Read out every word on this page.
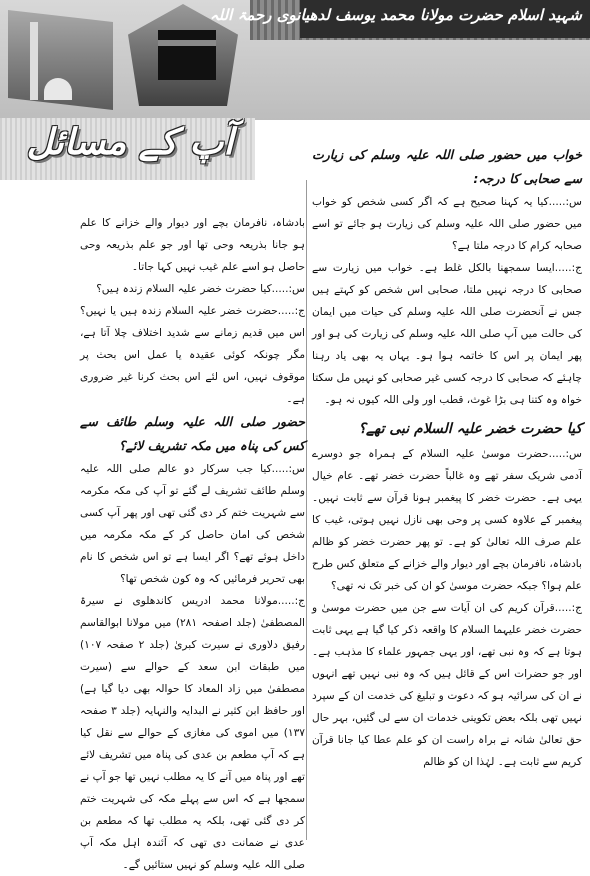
شہید اسلام حضرت مولانا محمد یوسف لدھیانوی رحمۃ اللہ
آپ کے مسائل	خواب میں حضور صلی اللہ علیہ وسلم کی زیارت سے صحابی کا درجہ:

س:.....کیا یہ کہنا صحیح ہے کہ اگر کسی شخص کو خواب میں حضور صلی اللہ علیہ وسلم کی زیارت ہو جائے تو اسے صحابہ کرام کا درجہ ملتا ہے؟

ج:.....ایسا سمجھنا بالکل غلط ہے۔ خواب میں زیارت سے صحابی کا درجہ نہیں ملتا، صحابی اس شخص کو کہتے ہیں جس نے آنحضرت صلی اللہ علیہ وسلم کی حیات میں ایمان کی حالت میں آپ صلی اللہ علیہ وسلم کی زیارت کی ہو اور پھر ایمان پر اس کا خاتمہ ہوا ہو۔ یہاں یہ بھی یاد رہنا چاہئے کہ صحابی کا درجہ کسی غیر صحابی کو نہیں مل سکتا خواہ وہ کتنا ہی بڑا غوث، قطب اور ولی اللہ کیوں نہ ہو۔

کیا حضرت خضر علیہ السلام نبی تھے؟

س:.....حضرت موسیٰ علیہ السلام کے ہمراہ جو دوسرے آدمی شریک سفر تھے وہ غالباً حضرت خضر تھے۔ عام خیال یہی ہے۔ حضرت خضر کا پیغمبر ہونا قرآن سے ثابت نہیں۔ پیغمبر کے علاوہ کسی پر وحی بھی نازل نہیں ہوتی، غیب کا علم صرف اللہ تعالیٰ کو ہے۔ تو پھر حضرت خضر کو ظالم بادشاہ، نافرمان بچے اور دیوار والے خزانے کے متعلق کس طرح علم ہوا؟ جبکہ حضرت موسیٰ کو ان کی خبر تک نہ تھی؟

ج:.....قرآن کریم کی ان آیات سے جن میں حضرت موسیٰ و حضرت خضر علیہما السلام کا واقعہ ذکر کیا گیا ہے یہی ثابت ہوتا ہے کہ وہ نبی تھے، اور یہی جمہور علماء کا مذہب ہے۔ اور جو حضرات اس کے قائل ہیں کہ وہ نبی نہیں تھے انہوں نے ان کی سرائیہ ہو کہ دعوت و تبلیغ کی خدمت ان کے سپرد نہیں تھی بلکہ بعض تکوینی خدمات ان سے لی گئیں، بہر حال حق تعالیٰ شانہ نے براہ راست ان کو علم عطا کیا جانا قرآن کریم سے ثابت ہے۔ لہٰذا ان کو ظالم

بادشاہ، نافرمان بچے اور دیوار والے خزانے کا علم ہو جانا بذریعہ وحی تھا اور جو علم بذریعہ وحی حاصل ہو اسے علم غیب نہیں کہا جاتا۔

س:.....کیا حضرت خضر علیہ السلام زندہ ہیں؟

ج:.....حضرت خضر علیہ السلام زندہ ہیں یا نہیں؟ اس میں قدیم زمانے سے شدید اختلاف چلا آتا ہے، مگر چونکہ کوئی عقیدہ یا عمل اس بحث پر موقوف نہیں، اس لئے اس بحث کرنا غیر ضروری ہے۔

حضور صلی اللہ علیہ وسلم طائف سے کس کی پناہ میں مکہ تشریف لائے؟

س:.....کیا جب سرکار دو عالم صلی اللہ علیہ وسلم طائف تشریف لے گئے تو آپ کی مکہ مکرمہ سے شہریت ختم کر دی گئی تھی اور پھر آپ کسی شخص کی امان حاصل کر کے مکہ مکرمہ میں داخل ہوئے تھے؟ اگر ایسا ہے تو اس شخص کا نام بھی تحریر فرمائیں کہ وہ کون شخص تھا؟

ج:.....مولانا محمد ادریس کاندھلوی نے سیرۃ المصطفیٰ (جلد اصفحہ ۲۸۱) میں مولانا ابوالقاسم رفیق دلاوری نے سیرت کبریٰ (جلد ۲ صفحہ ۱۰۷) میں طبقات ابن سعد کے حوالے سے (سیرت مصطفیٰ میں زاد المعاد کا حوالہ بھی دیا گیا ہے) اور حافظ ابن کثیر نے البدایہ والنہایہ (جلد ۳ صفحہ ۱۳۷) میں اموی کی مغازی کے حوالے سے نقل کیا ہے کہ آپ مطعم بن عدی کی پناہ میں تشریف لائے تھے اور پناہ میں آنے کا یہ مطلب نہیں تھا جو آپ نے سمجھا ہے کہ اس سے پہلے مکہ کی شہریت ختم کر دی گئی تھی، بلکہ یہ مطلب تھا کہ مطعم بن عدی نے ضمانت دی تھی کہ آئندہ اہل مکہ آپ صلی اللہ علیہ وسلم کو نہیں ستائیں گے۔
